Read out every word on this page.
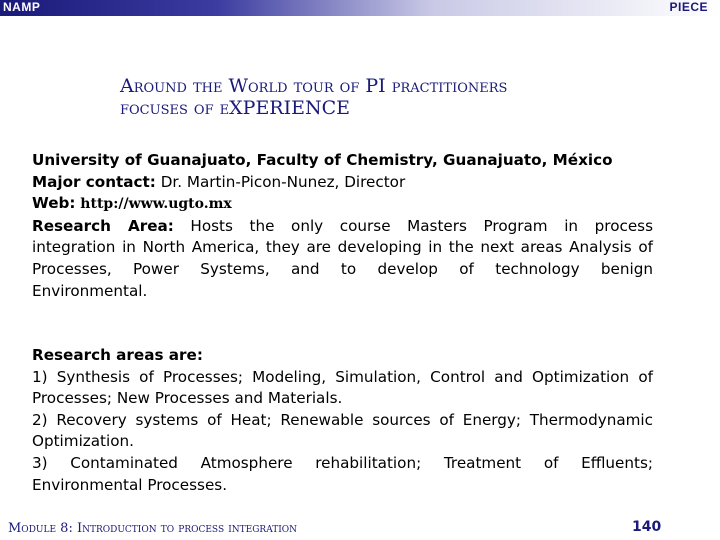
NAMP	PIECE
Around the World tour of PI practitioners
focuses of eXPERIENCE
University of Guanajuato, Faculty of Chemistry, Guanajuato, México
Major contact: Dr. Martin-Picon-Nunez, Director
Web: http://www.ugto.mx
Research Area: Hosts the only course Masters Program in process
integration in North America, they are developing in the next areas Analysis of
Processes, Power Systems, and to develop of technology benign
Environmental.
Research areas are:
1) Synthesis of Processes; Modeling, Simulation, Control and Optimization of
Processes; New Processes and Materials.
2) Recovery systems of Heat; Renewable sources of Energy; Thermodynamic
Optimization.
3) Contaminated Atmosphere rehabilitation; Treatment of Effluents;
Environmental Processes.
Module 8: Introduction to process integration	140
